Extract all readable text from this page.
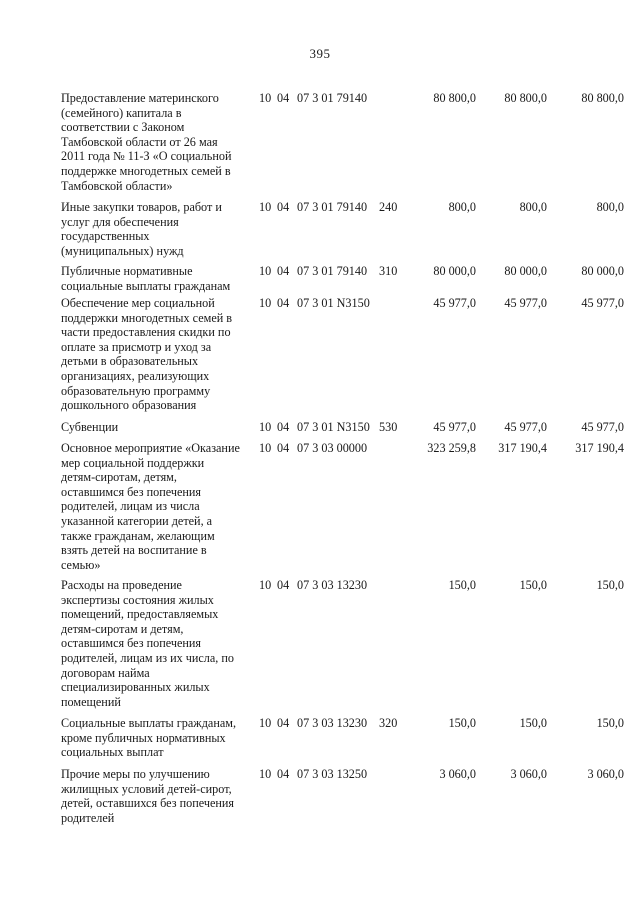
395
Предоставление материнского
(семейного) капитала в
соответствии с Законом
Тамбовской области от 26 мая
2011 года № 11-З «О социальной
поддержке многодетных семей в
Тамбовской области»
10 04 07 3 01 79140	80 800,0	80 800,0	80 800,0
Иные закупки товаров, работ и
услуг для обеспечения
государственных
(муниципальных) нужд
10 04 07 3 01 79140 240	800,0	800,0	800,0
Публичные нормативные
социальные выплаты гражданам
10 04 07 3 01 79140 310	80 000,0	80 000,0	80 000,0
Обеспечение мер социальной
поддержки многодетных семей в
части предоставления скидки по
оплате за присмотр и уход за
детьми в образовательных
организациях, реализующих
образовательную программу
дошкольного образования
10 04 07 3 01 N3150	45 977,0	45 977,0	45 977,0
Субвенции	10 04 07 3 01 N3150 530	45 977,0	45 977,0	45 977,0
Основное мероприятие «Оказание
мер социальной поддержки
детям-сиротам, детям,
оставшимся без попечения
родителей, лицам из числа
указанной категории детей, а
также гражданам, желающим
взять детей на воспитание в
семью»
10 04 07 3 03 00000	323 259,8	317 190,4	317 190,4
Расходы на проведение
экспертизы состояния жилых
помещений, предоставляемых
детям-сиротам и детям,
оставшимся без попечения
родителей, лицам из их числа, по
договорам найма
специализированных жилых
помещений
10 04 07 3 03 13230	150,0	150,0	150,0
Социальные выплаты гражданам,
кроме публичных нормативных
социальных выплат
10 04 07 3 03 13230 320	150,0	150,0	150,0
Прочие меры по улучшению
жилищных условий детей-сирот,
детей, оставшихся без попечения
родителей
10 04 07 3 03 13250	3 060,0	3 060,0	3 060,0
